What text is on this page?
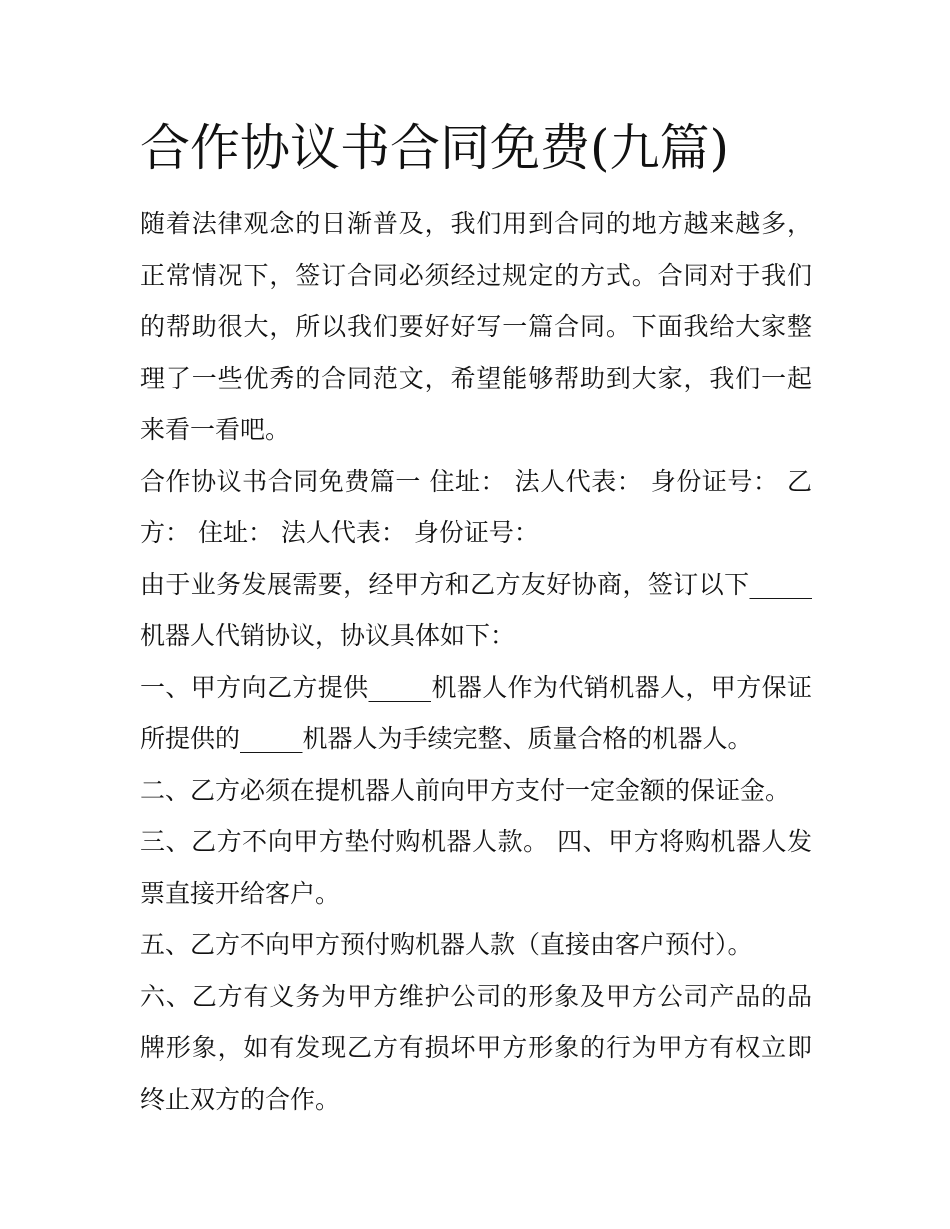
合作协议书合同免费(九篇)

随着法律观念的日渐普及，我们用到合同的地方越来越多，正常情况下，签订合同必须经过规定的方式。合同对于我们的帮助很大，所以我们要好好写一篇合同。下面我给大家整理了一些优秀的合同范文，希望能够帮助到大家，我们一起来看一看吧。

合作协议书合同免费篇一 住址： 法人代表： 身份证号： 乙方： 住址： 法人代表： 身份证号：

由于业务发展需要，经甲方和乙方友好协商，签订以下_____机器人代销协议，协议具体如下：

一、甲方向乙方提供_____机器人作为代销机器人，甲方保证所提供的_____机器人为手续完整、质量合格的机器人。

二、乙方必须在提机器人前向甲方支付一定金额的保证金。

三、乙方不向甲方垫付购机器人款。 四、甲方将购机器人发票直接开给客户。

五、乙方不向甲方预付购机器人款（直接由客户预付）。

六、乙方有义务为甲方维护公司的形象及甲方公司产品的品牌形象，如有发现乙方有损坏甲方形象的行为甲方有权立即终止双方的合作。
